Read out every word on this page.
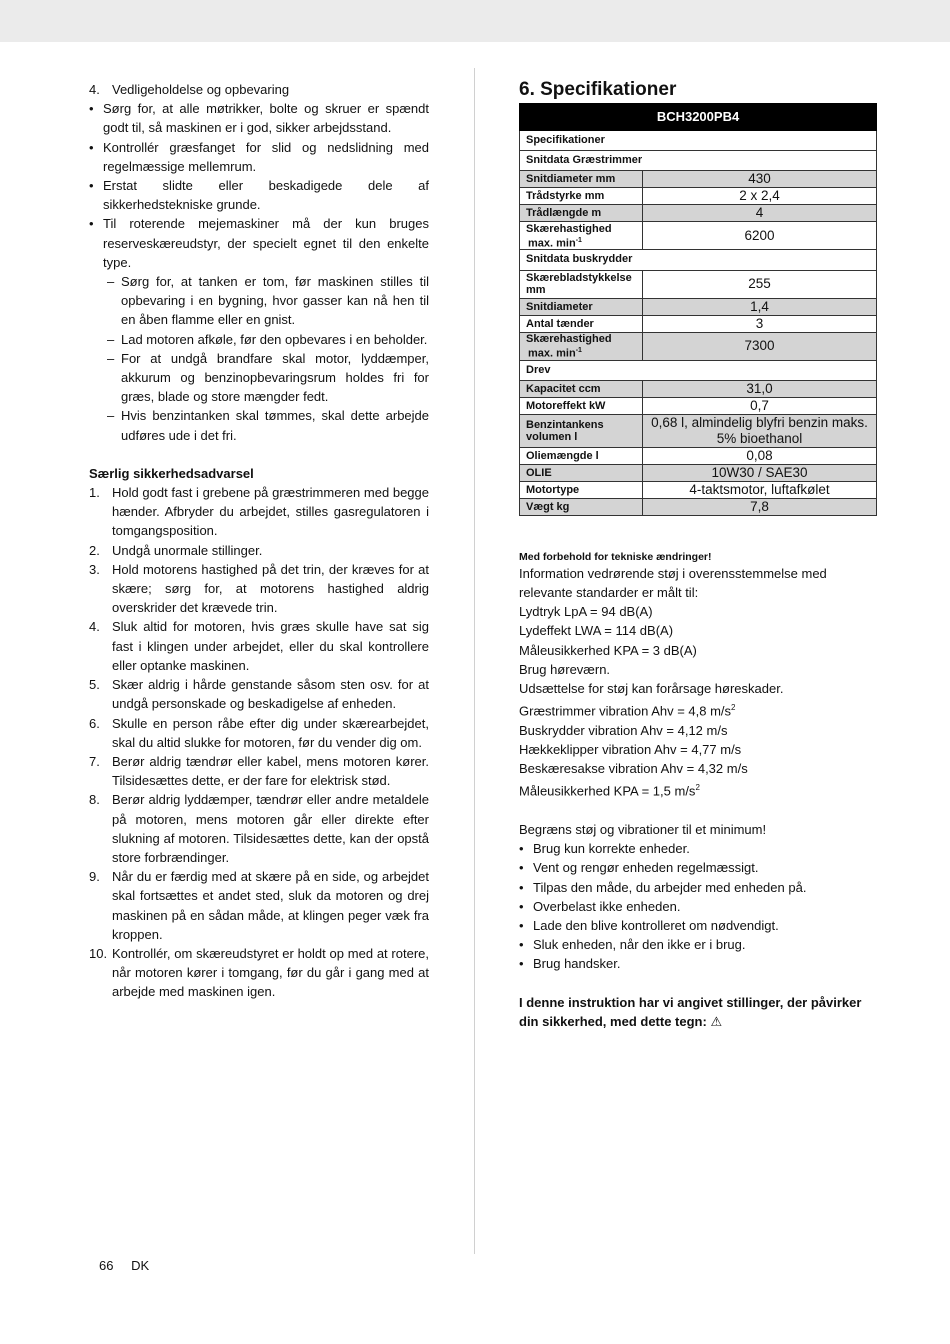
4. Vedligeholdelse og opbevaring
• Sørg for, at alle møtrikker, bolte og skruer er spændt godt til, så maskinen er i god, sikker arbejdsstand.
• Kontrollér græsfanget for slid og nedslidning med regelmæssige mellemrum.
• Erstat slidte eller beskadigede dele af sikkerhedstekniske grunde.
• Til roterende mejemaskiner må der kun bruges reserveskæreudstyr, der specielt egnet til den enkelte type.
– Sørg for, at tanken er tom, før maskinen stilles til opbevaring i en bygning, hvor gasser kan nå hen til en åben flamme eller en gnist.
– Lad motoren afkøle, før den opbevares i en beholder.
– For at undgå brandfare skal motor, lyddæmper, akkurum og benzinopbevaringsrum holdes fri for græs, blade og store mængder fedt.
– Hvis benzintanken skal tømmes, skal dette arbejde udføres ude i det fri.
Særlig sikkerhedsadvarsel
1. Hold godt fast i grebene på græstrimmeren med begge hænder. Afbryder du arbejdet, stilles gasregulatoren i tomgangsposition.
2. Undgå unormale stillinger.
3. Hold motorens hastighed på det trin, der kræves for at skære; sørg for, at motorens hastighed aldrig overskrider det krævede trin.
4. Sluk altid for motoren, hvis græs skulle have sat sig fast i klingen under arbejdet, eller du skal kontrollere eller optanke maskinen.
5. Skær aldrig i hårde genstande såsom sten osv. for at undgå personskade og beskadigelse af enheden.
6. Skulle en person råbe efter dig under skærearbejdet, skal du altid slukke for motoren, før du vender dig om.
7. Berør aldrig tændrør eller kabel, mens motoren kører. Tilsidesættes dette, er der fare for elektrisk stød.
8. Berør aldrig lyddæmper, tændrør eller andre metaldele på motoren, mens motoren går eller direkte efter slukning af motoren. Tilsidesættes dette, kan der opstå store forbrændinger.
9. Når du er færdig med at skære på en side, og arbejdet skal fortsættes et andet sted, sluk da motoren og drej maskinen på en sådan måde, at klingen peger væk fra kroppen.
10. Kontrollér, om skæreudstyret er holdt op med at rotere, når motoren kører i tomgang, før du går i gang med at arbejde med maskinen igen.
6. Specifikationer
BCH3200PB4	
Specifikationer	
Snitdata Græstrimmer	
Snitdiameter mm	430
Trådstyrke mm	2 x 2,4
Trådlængde m	4

Skærehastighed
max. $\min^{-1}$	6200
Snitdata buskrydder	
Skærebladstykkelse mm	255
Snitdiameter	1,4
Antal tænder	3

Skærehastighed
max. $\min^{-1}$	7300
Drev	
Kapacitet ccm	31,0
Motoreffekt kW	0,7
Benzintankens volumen l	0,68 l, almindelig blyfri benzin maks. 5% bioethanol
Oliemængde l	0,08
OLIE	10W30 / SAE30
Motortype	4-taktsmotor, luftafkølet
Vægt kg	7,8
Med forbehold for tekniske ændringer!
Information vedrørende støj i overensstemmelse med relevante standarder er målt til:
Lydtryk LpA = 94 dB(A)
Lydeffekt LWA = 114 dB(A)
Måleusikkerhed KPA = 3 dB(A)
Brug høreværn.
Udsættelse for støj kan forårsage høreskader.
Græstrimmer vibration Ahv = 4,8 $m/s^2$
Buskrydder vibration Ahv = 4,12 m/s
Hækkeklipper vibration Ahv = 4,77 m/s
Beskæresakse vibration Ahv = 4,32 m/s
Måleusikkerhed KPA = 1,5 $m/s^2$
Begræns støj og vibrationer til et minimum!
• Brug kun korrekte enheder.
• Vent og rengør enheden regelmæssigt.
• Tilpas den måde, du arbejder med enheden på.
• Overbelast ikke enheden.
• Lade den blive kontrolleret om nødvendigt.
• Sluk enheden, når den ikke er i brug.
• Brug handsker.
I denne instruktion har vi angivet stillinger, der påvirker din sikkerhed, med dette tegn: ⚠
66 DK
